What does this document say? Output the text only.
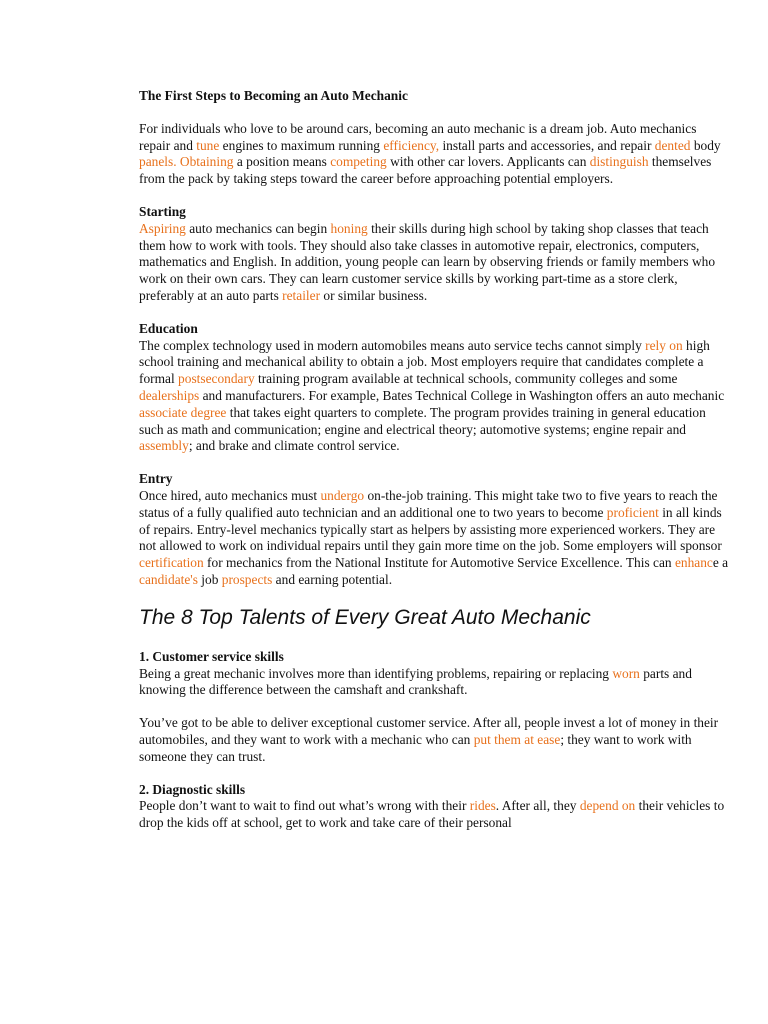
The First Steps to Becoming an Auto Mechanic

For individuals who love to be around cars, becoming an auto mechanic is a dream job. Auto mechanics repair and tune engines to maximum running efficiency, install parts and accessories, and repair dented body panels. Obtaining a position means competing with other car lovers. Applicants can distinguish themselves from the pack by taking steps toward the career before approaching potential employers.

Starting

Aspiring auto mechanics can begin honing their skills during high school by taking shop classes that teach them how to work with tools. They should also take classes in automotive repair, electronics, computers, mathematics and English. In addition, young people can learn by observing friends or family members who work on their own cars. They can learn customer service skills by working part-time as a store clerk, preferably at an auto parts retailer or similar business.

Education

The complex technology used in modern automobiles means auto service techs cannot simply rely on high school training and mechanical ability to obtain a job. Most employers require that candidates complete a formal postsecondary training program available at technical schools, community colleges and some dealerships and manufacturers. For example, Bates Technical College in Washington offers an auto mechanic associate degree that takes eight quarters to complete. The program provides training in general education such as math and communication; engine and electrical theory; automotive systems; engine repair and assembly; and brake and climate control service.

Entry

Once hired, auto mechanics must undergo on-the-job training. This might take two to five years to reach the status of a fully qualified auto technician and an additional one to two years to become proficient in all kinds of repairs. Entry-level mechanics typically start as helpers by assisting more experienced workers. They are not allowed to work on individual repairs until they gain more time on the job. Some employers will sponsor certification for mechanics from the National Institute for Automotive Service Excellence. This can enhance a candidate's job prospects and earning potential.

The 8 Top Talents of Every Great Auto Mechanic
1. Customer service skills

Being a great mechanic involves more than identifying problems, repairing or replacing worn parts and knowing the difference between the camshaft and crankshaft.

You’ve got to be able to deliver exceptional customer service. After all, people invest a lot of money in their automobiles, and they want to work with a mechanic who can put them at ease; they want to work with someone they can trust.

2. Diagnostic skills

People don’t want to wait to find out what’s wrong with their rides. After all, they depend on their vehicles to drop the kids off at school, get to work and take care of their personal
